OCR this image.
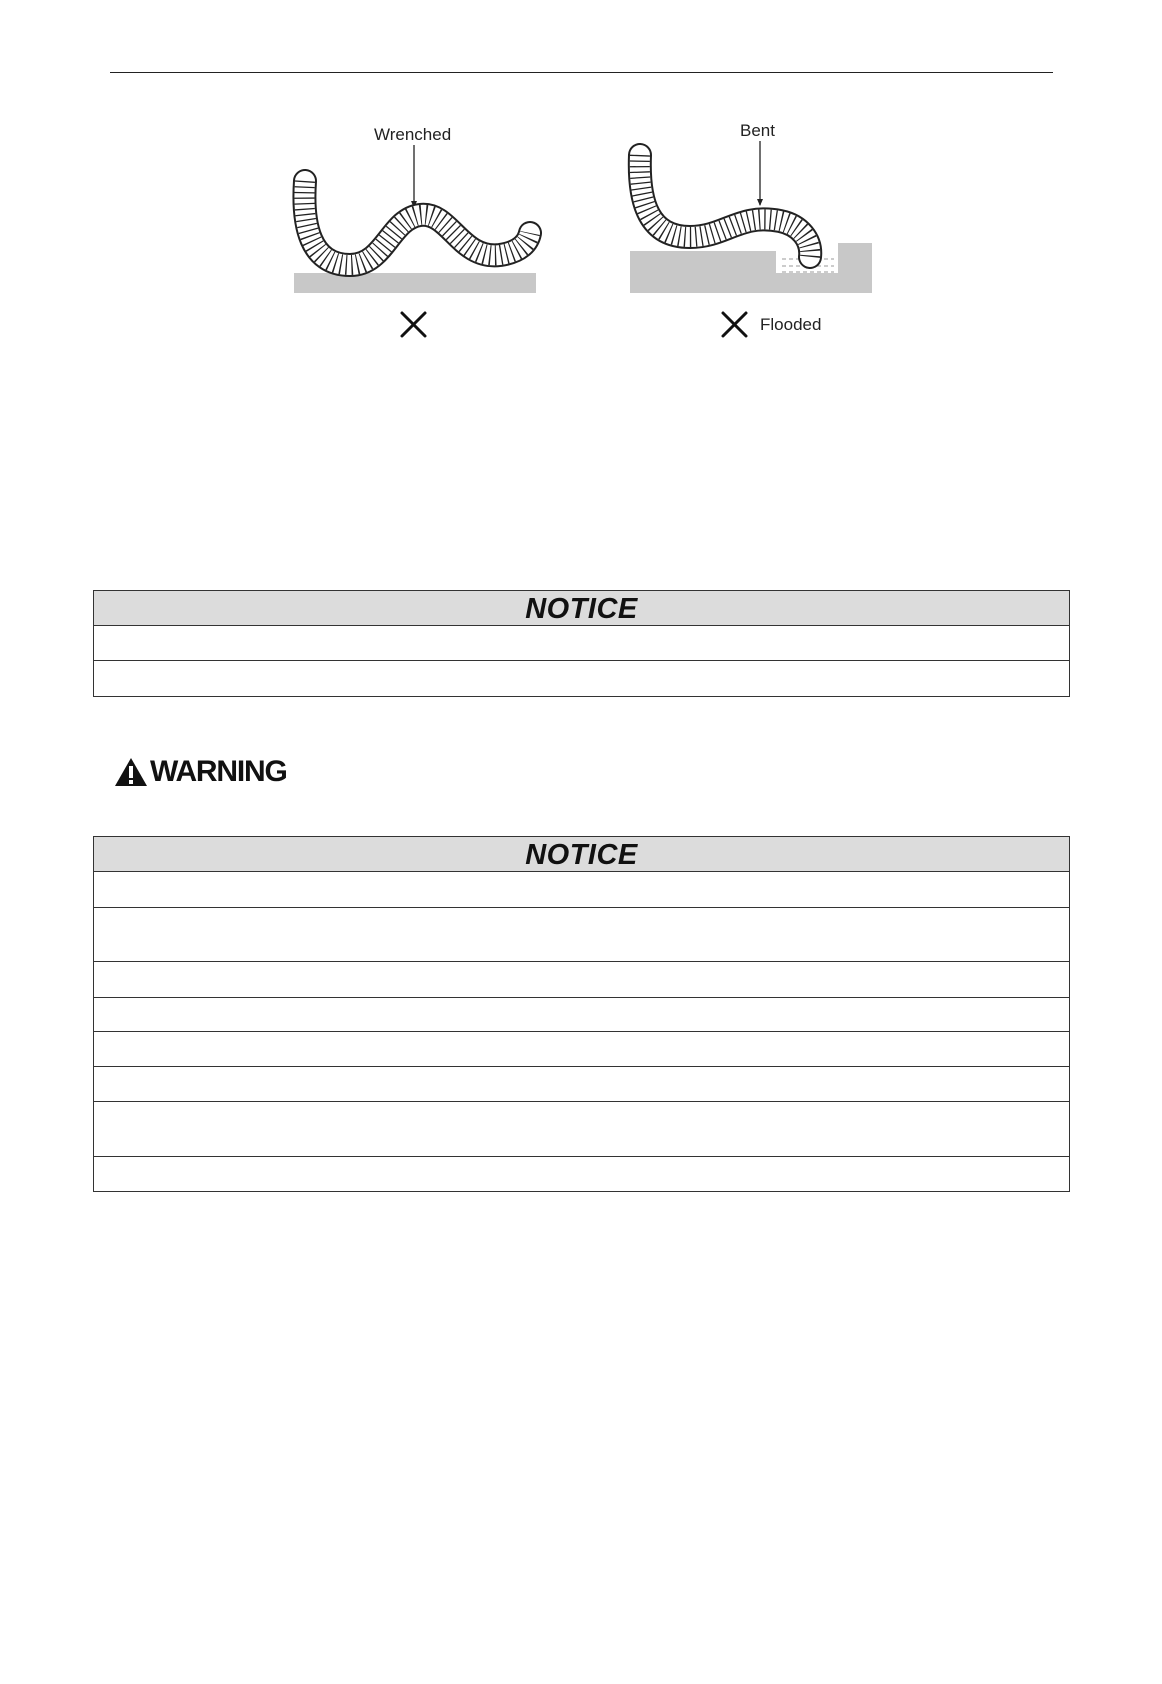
Wrenched	Bent
Flooded
NOTICE
WARNING
NOTICE
